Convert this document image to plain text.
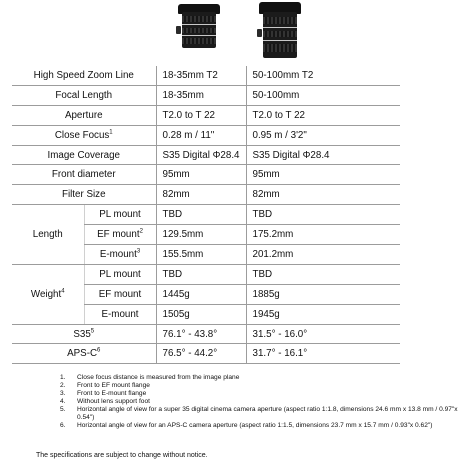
High Speed Zoom Line		18-35mm T2	50-100mm T2
Focal Length		18-35mm	50-100mm
Aperture		T2.0 to T 22	T2.0 to T 22
Close Focus$^1$		0.28 m / 11"	0.95 m / 3'2"
Image Coverage		S35 Digital Φ28.4	S35 Digital Φ28.4
Front diameter		95mm	95mm
Filter Size		82mm	82mm
Length	PL mount	TBD	TBD
	EF mount$^2$	129.5mm	175.2mm
	E-mount$^3$	155.5mm	201.2mm
Weight$^4$	PL mount	TBD	TBD
	EF mount	1445g	1885g
	E-mount	1505g	1945g
$S35^5$		76.1° - 43.8°	31.5° - 16.0°
APS-$C^6$		76.5° - 44.2°	31.7° - 16.1°
1. Close focus distance is measured from the image plane
2. Front to EF mount flange
3. Front to E-mount flange
4. Without lens support foot
5. Horizontal angle of view for a super 35 digital cinema camera aperture (aspect ratio 1:1.8, dimensions 24.6 mm x 13.8 mm / 0.97"x 0.54")
6. Horizontal angle of view for an APS-C camera aperture (aspect ratio 1:1.5, dimensions 23.7 mm x 15.7 mm / 0.93"x 0.62")
The specifications are subject to change without notice.
